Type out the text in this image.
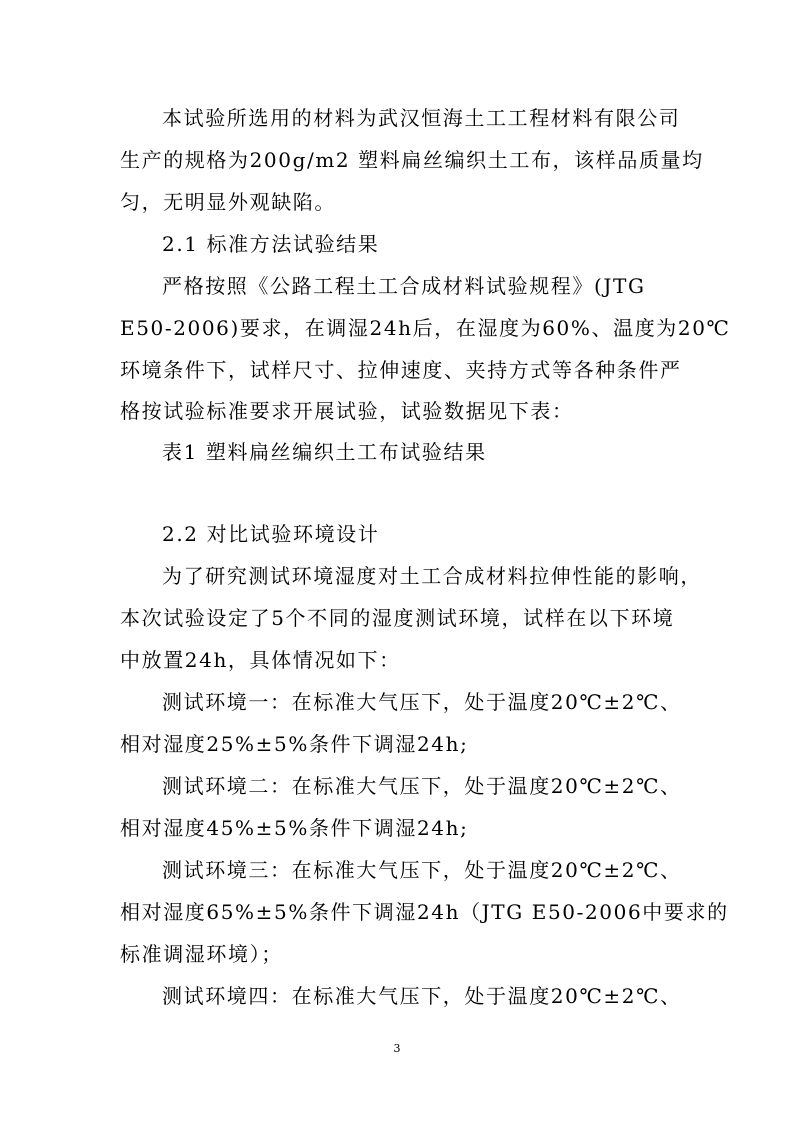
本试验所选用的材料为武汉恒海土工工程材料有限公司
生产的规格为200g/m2 塑料扁丝编织土工布，该样品质量均
匀，无明显外观缺陷。
2.1 标准方法试验结果
严格按照《公路工程土工合成材料试验规程》(JTG
E50-2006)要求，在调湿24h后，在湿度为60%、温度为20℃
环境条件下，试样尺寸、拉伸速度、夹持方式等各种条件严
格按试验标准要求开展试验，试验数据见下表：
表1 塑料扁丝编织土工布试验结果
2.2 对比试验环境设计
为了研究测试环境湿度对土工合成材料拉伸性能的影响，
本次试验设定了5个不同的湿度测试环境，试样在以下环境
中放置24h，具体情况如下：
测试环境一：在标准大气压下，处于温度20℃±2℃、
相对湿度25%±5%条件下调湿24h;
测试环境二：在标准大气压下，处于温度20℃±2℃、
相对湿度45%±5%条件下调湿24h;
测试环境三：在标准大气压下，处于温度20℃±2℃、
相对湿度65%±5%条件下调湿24h（JTG E50-2006中要求的
标准调湿环境）；
测试环境四：在标准大气压下，处于温度20℃±2℃、
3
